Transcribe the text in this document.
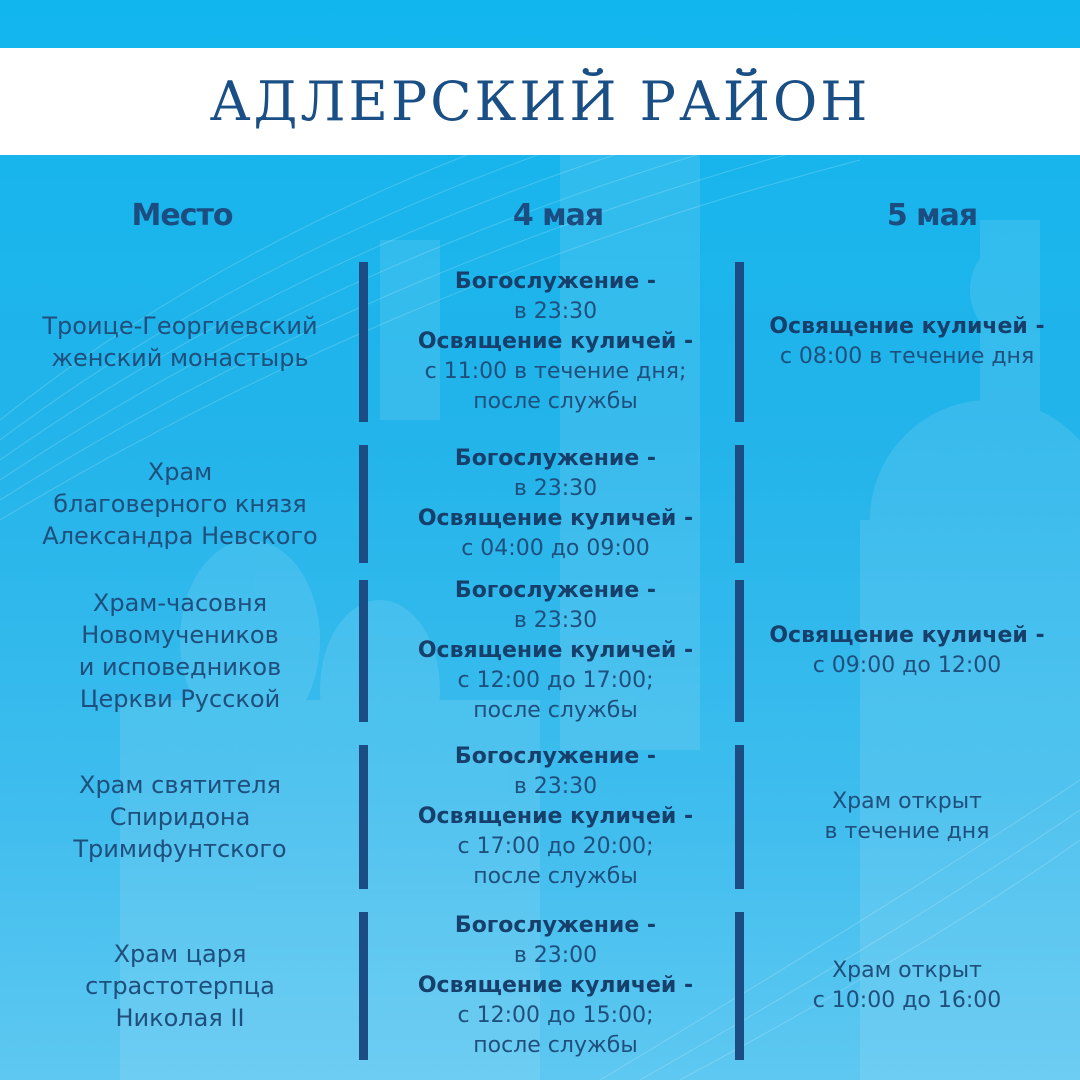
АДЛЕРСКИЙ РАЙОН
Место	4 мая	5 мая
Троице-Георгиевский
женский монастырь
Богослужение -
в 23:30
Освящение куличей -
с 11:00 в течение дня;
после службы
Освящение куличей -
с 08:00 в течение дня
Храм
благоверного князя
Александра Невского
Богослужение -
в 23:30
Освящение куличей -
с 04:00 до 09:00
Храм-часовня
Новомучеников
и исповедников
Церкви Русской
Богослужение -
в 23:30
Освящение куличей -
с 12:00 до 17:00;
после службы
Освящение куличей -
с 09:00 до 12:00
Храм святителя
Спиридона
Тримифунтского
Богослужение -
в 23:30
Освящение куличей -
с 17:00 до 20:00;
после службы
Храм открыт
в течение дня
Храм царя
страстотерпца
Николая II
Богослужение -
в 23:00
Освящение куличей -
с 12:00 до 15:00;
после службы
Храм открыт
с 10:00 до 16:00
